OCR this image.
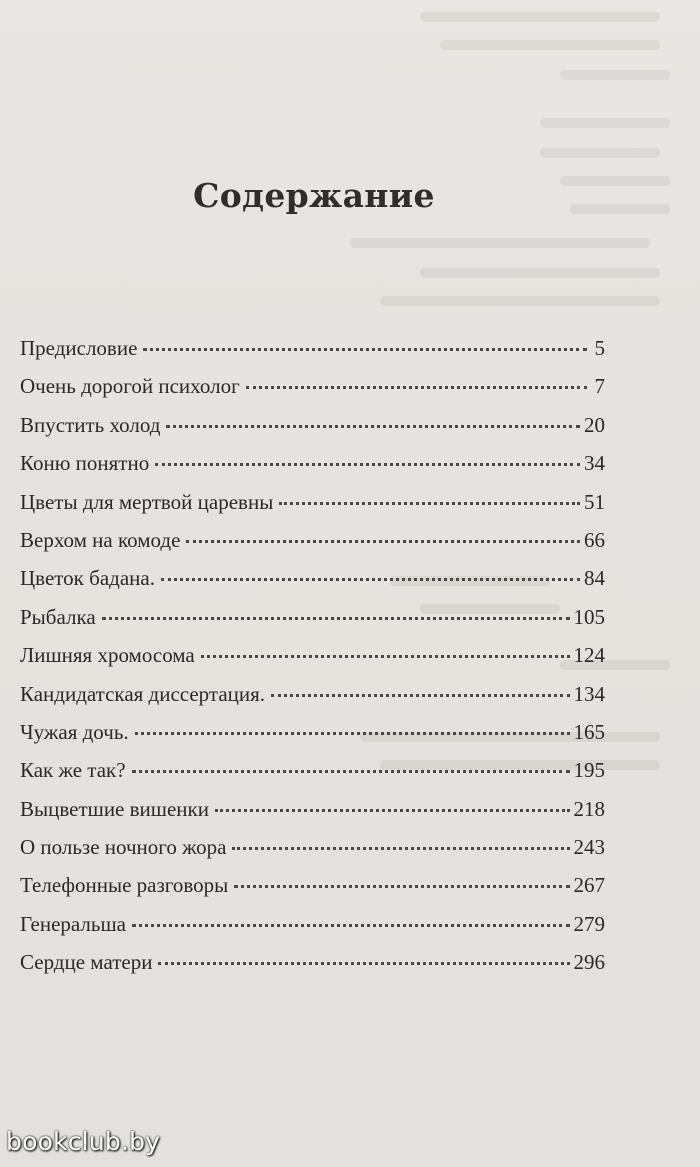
Содержание
Предисловие	5
Очень дорогой психолог	7
Впустить холод	20
Коню понятно	34
Цветы для мертвой царевны	51
Верхом на комоде	66
Цветок бадана.	84
Рыбалка	105
Лишняя хромосома	124
Кандидатская диссертация.	134
Чужая дочь.	165
Как же так?	195
Выцветшие вишенки	218
О пользе ночного жора	243
Телефонные разговоры	267
Генеральша	279
Сердце матери	296
bookclub.by
